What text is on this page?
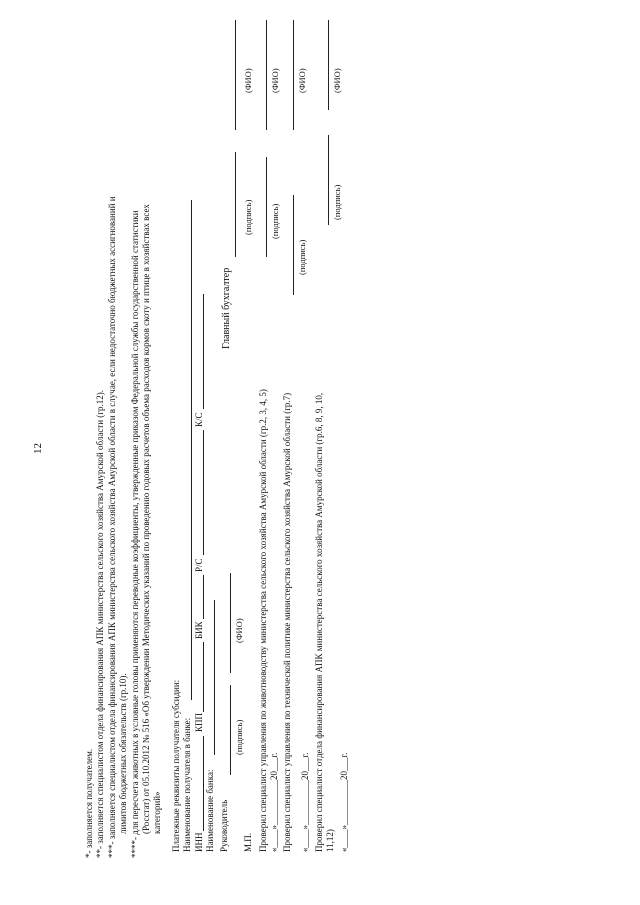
12
*- заполняется получателем. **- заполняется специалистом отдела финансирования АПК министерства сельского хозяйства Амурской области (гр.12). ***- заполняется специалистом отдела финансирования АПК министерства сельского хозяйства Амурской области в случае, если недостаточно бюджетных ассигнований и лимитов бюджетных обязательств (гр.10). ****- для пересчета животных в условные головы применяются переводные коэффициенты, утвержденные приказом Федеральной службы государственной статистики (Росстат) от 05.10.2012 № 516 «Об утверждении Методических указаний по проведению годовых расчетов объема расходов кормов скоту и птице в хозяйствах всех категорий» Платежные реквизиты получателя субсидии: Наименование получателя в банке: ИНН
КПП
БИК
Р/С
К/С
Наименование банка: Руководитель
(подпись)
(ФИО)
Главный бухгалтер
М.П.
(подпись)
(ФИО)
Проверил специалист управления по животноводству министерства сельского хозяйства Амурской области (гр.2, 3, 4, 5) «____»__________20___г.
(подпись)
(ФИО)
Проверил специалист управления по технической политике министерства сельского хозяйства Амурской области (гр.7)
(подпись)
(ФИО)
«____»__________20___г. Проверил специалист отдела финансирования АПК министерства сельского хозяйства Амурской области (гр.6, 8, 9, 10, 11,12)
(подпись)
(ФИО)
«____»__________20___г.
